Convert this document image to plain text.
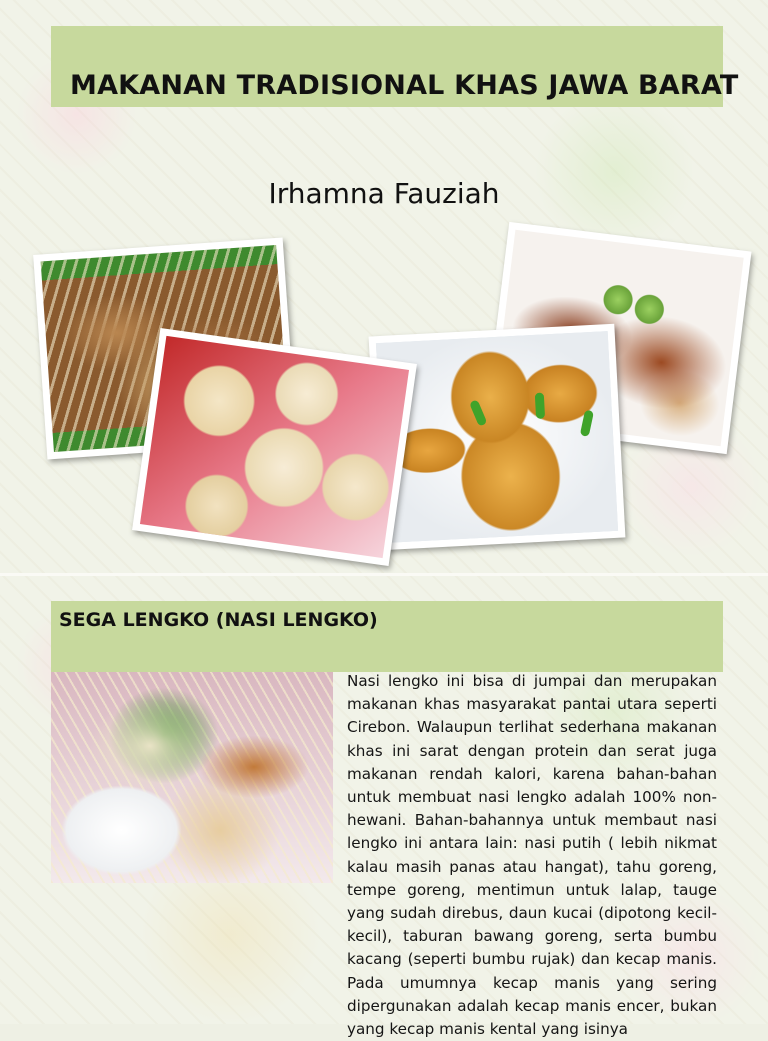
MAKANAN TRADISIONAL KHAS JAWA BARAT
Irhamna Fauziah
SEGA LENGKO (NASI LENGKO)
Nasi lengko ini bisa di jumpai dan merupakan makanan khas masyarakat pantai utara seperti Cirebon. Walaupun terlihat sederhana makanan khas ini sarat dengan protein dan serat juga makanan rendah kalori, karena bahan-bahan untuk membuat nasi lengko adalah 100% non-hewani. Bahan-bahannya untuk membaut nasi lengko ini antara lain: nasi putih ( lebih nikmat kalau masih panas atau hangat), tahu goreng, tempe goreng, mentimun untuk lalap, tauge yang sudah direbus, daun kucai (dipotong kecil-kecil), taburan bawang goreng, serta bumbu kacang (seperti bumbu rujak) dan kecap manis. Pada umumnya kecap manis yang sering dipergunakan adalah kecap manis encer, bukan yang kecap manis kental yang isinya
